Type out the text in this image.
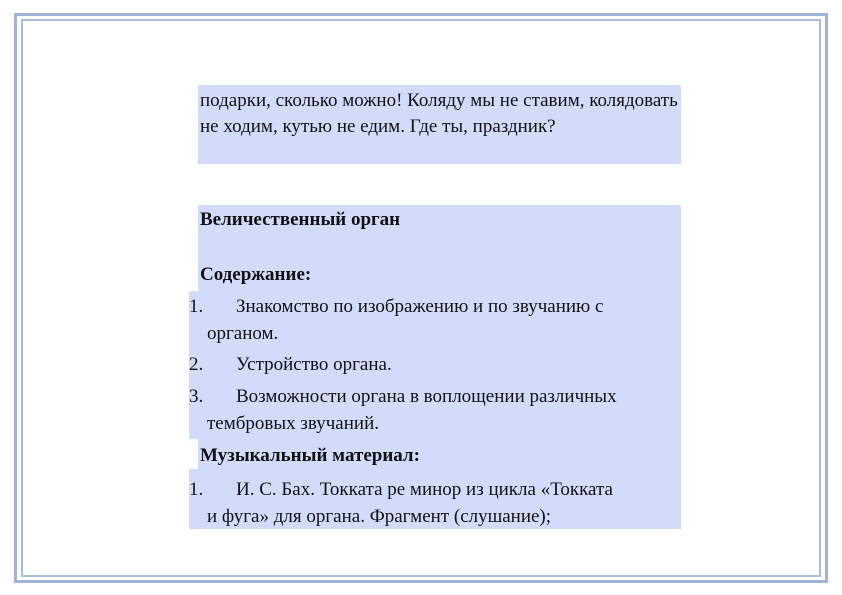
подарки, сколько можно! Коляду мы не ставим, колядовать не ходим, кутью не едим. Где ты, праздник?
Величественный орган
Содержание:
1. Знакомство по изображению и по звучанию с
органом.
2. Устройство органа.
3. Возможности органа в воплощении различных
тембровых звучаний.
Музыкальный материал:
1. И. С. Бах. Токката ре минор из цикла «Токката
и фуга» для органа. Фрагмент (слушание);
